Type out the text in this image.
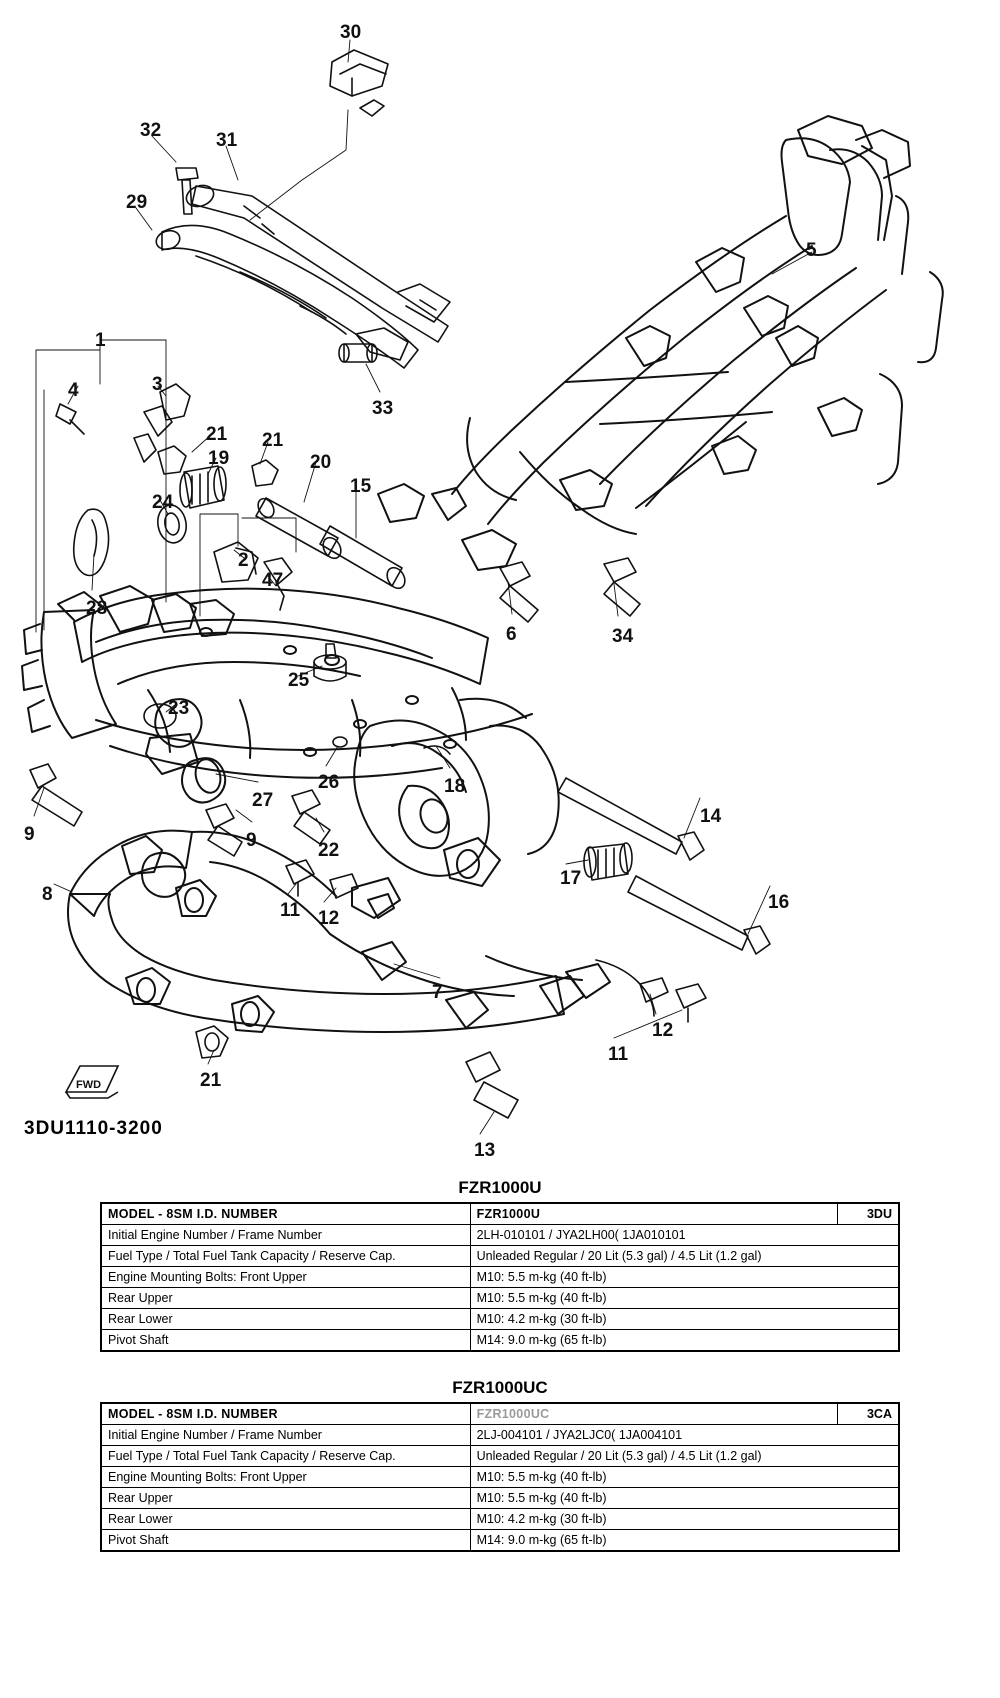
30
32	31
29
5
33
1
4	3
21 21
19	20
15
24
28
2
47
6	34
25
23
26	18
27
14
9	9	22
17
16
8
11 12
7
12
11
21
13
FWD
3DU1110-3200
FZR1000U
MODEL - 8SM I.D. NUMBER	FZR1000U	3DU
Initial Engine Number / Frame Number	2LH-010101 / JYA2LH00( 1JA010101	
Fuel Type / Total Fuel Tank Capacity / Reserve Cap.	Unleaded Regular / 20 Lit (5.3 gal) / 4.5 Lit (1.2 gal)	
Engine Mounting Bolts: Front Upper	M10: 5.5 m-kg (40 ft-lb)	
Rear Upper	M10: 5.5 m-kg (40 ft-lb)	
Rear Lower	M10: 4.2 m-kg (30 ft-lb)	
Pivot Shaft	M14: 9.0 m-kg (65 ft-lb)	
FZR1000UC
MODEL - 8SM I.D. NUMBER	FZR1000UC	3CA
Initial Engine Number / Frame Number	2LJ-004101 / JYA2LJC0( 1JA004101	
Fuel Type / Total Fuel Tank Capacity / Reserve Cap.	Unleaded Regular / 20 Lit (5.3 gal) / 4.5 Lit (1.2 gal)	
Engine Mounting Bolts: Front Upper	M10: 5.5 m-kg (40 ft-lb)	
Rear Upper	M10: 5.5 m-kg (40 ft-lb)	
Rear Lower	M10: 4.2 m-kg (30 ft-lb)	
Pivot Shaft	M14: 9.0 m-kg (65 ft-lb)	
